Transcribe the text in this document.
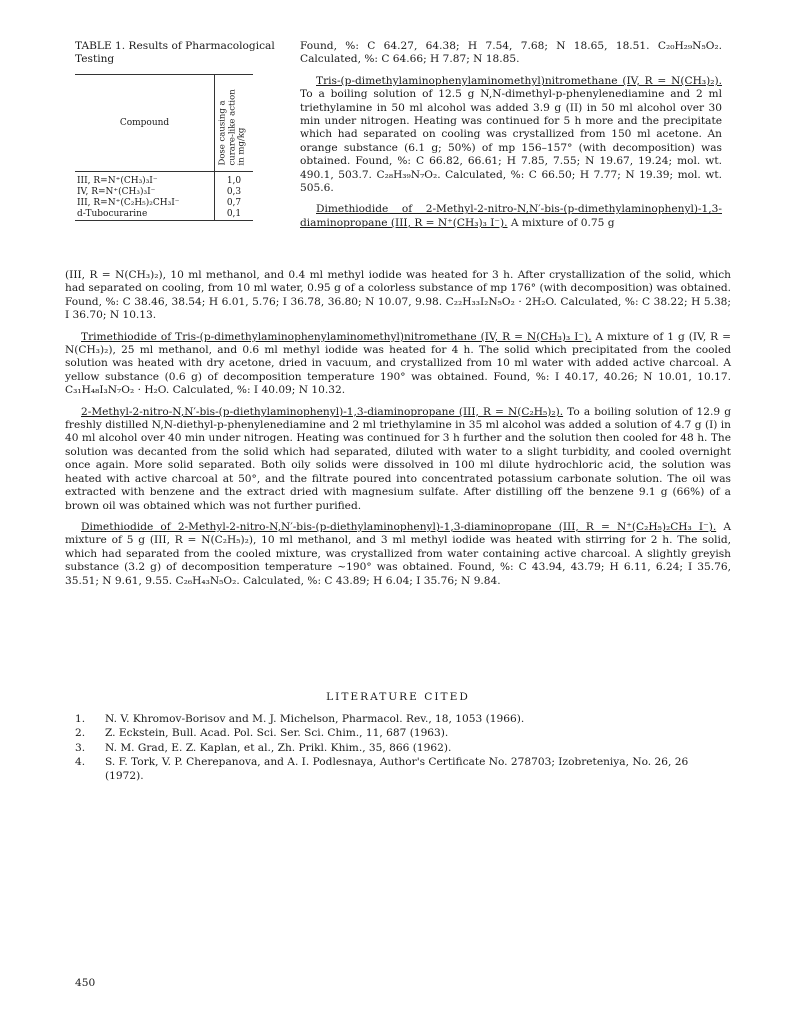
TABLE 1. Results of Pharmacological Testing
Compound	Dose causing a curare-like action in mg/kg

III, R=N⁺(CH₃)₃I⁻	1,0
IV, R=N⁺(CH₃)₃I⁻	0,3
III, R=N⁺(C₂H₅)₂CH₃I⁻	0,7
d-Tubocurarine	0,1

Found, %: C 64.27, 64.38; H 7.54, 7.68; N 18.65, 18.51. C₂₀H₂₉N₅O₂. Calculated, %: C 64.66; H 7.87; N 18.85.

Tris-(p-dimethylaminophenylaminomethyl)nitromethane (IV, R = N(CH₃)₂). To a boiling solution of 12.5 g N,N-dimethyl-p-phenylenediamine and 2 ml triethylamine in 50 ml alcohol was added 3.9 g (II) in 50 ml alcohol over 30 min under nitrogen. Heating was continued for 5 h more and the precipitate which had separated on cooling was crystallized from 150 ml acetone. An orange substance (6.1 g; 50%) of mp 156–157° (with decomposition) was obtained. Found, %: C 66.82, 66.61; H 7.85, 7.55; N 19.67, 19.24; mol. wt. 490.1, 503.7. C₂₈H₃₉N₇O₂. Calculated, %: C 66.50; H 7.77; N 19.39; mol. wt. 505.6.

Dimethiodide of 2-Methyl-2-nitro-N,N′-bis-(p-dimethylaminophenyl)-1,3-diaminopropane (III, R = N⁺(CH₃)₃ I⁻). A mixture of 0.75 g

(III, R = N(CH₃)₂), 10 ml methanol, and 0.4 ml methyl iodide was heated for 3 h. After crystallization of the solid, which had separated on cooling, from 10 ml water, 0.95 g of a colorless substance of mp 176° (with decomposition) was obtained. Found, %: C 38.46, 38.54; H 6.01, 5.76; I 36.78, 36.80; N 10.07, 9.98. C₂₂H₃₃I₂N₅O₂ · 2H₂O. Calculated, %: C 38.22; H 5.38; I 36.70; N 10.13.

Trimethiodide of Tris-(p-dimethylaminophenylaminomethyl)nitromethane (IV, R = N(CH₃)₃ I⁻). A mixture of 1 g (IV, R = N(CH₃)₂), 25 ml methanol, and 0.6 ml methyl iodide was heated for 4 h. The solid which precipitated from the cooled solution was heated with dry acetone, dried in vacuum, and crystallized from 10 ml water with added active charcoal. A yellow substance (0.6 g) of decomposition temperature 190° was obtained. Found, %: I 40.17, 40.26; N 10.01, 10.17. C₃₁H₄₈I₃N₇O₂ · H₂O. Calculated, %: I 40.09; N 10.32.

2-Methyl-2-nitro-N,N′-bis-(p-diethylaminophenyl)-1,3-diaminopropane (III, R = N(C₂H₅)₂). To a boiling solution of 12.9 g freshly distilled N,N-diethyl-p-phenylenediamine and 2 ml triethylamine in 35 ml alcohol was added a solution of 4.7 g (I) in 40 ml alcohol over 40 min under nitrogen. Heating was continued for 3 h further and the solution then cooled for 48 h. The solution was decanted from the solid which had separated, diluted with water to a slight turbidity, and cooled overnight once again. More solid separated. Both oily solids were dissolved in 100 ml dilute hydrochloric acid, the solution was heated with active charcoal at 50°, and the filtrate poured into concentrated potassium carbonate solution. The oil was extracted with benzene and the extract dried with magnesium sulfate. After distilling off the benzene 9.1 g (66%) of a brown oil was obtained which was not further purified.

Dimethiodide of 2-Methyl-2-nitro-N,N′-bis-(p-diethylaminophenyl)-1,3-diaminopropane (III, R = N⁺(C₂H₅)₂CH₃ I⁻). A mixture of 5 g (III, R = N(C₂H₅)₂), 10 ml methanol, and 3 ml methyl iodide was heated with stirring for 2 h. The solid, which had separated from the cooled mixture, was crystallized from water containing active charcoal. A slightly greyish substance (3.2 g) of decomposition temperature ~190° was obtained. Found, %: C 43.94, 43.79; H 6.11, 6.24; I 35.76, 35.51; N 9.61, 9.55. C₂₆H₄₃N₅O₂. Calculated, %: C 43.89; H 6.04; I 35.76; N 9.84.

LITERATURE CITED
1. N. V. Khromov-Borisov and M. J. Michelson, Pharmacol. Rev., 18, 1053 (1966).
2. Z. Eckstein, Bull. Acad. Pol. Sci. Ser. Sci. Chim., 11, 687 (1963).
3. N. M. Grad, E. Z. Kaplan, et al., Zh. Prikl. Khim., 35, 866 (1962).
4. S. F. Tork, V. P. Cherepanova, and A. I. Podlesnaya, Author's Certificate No. 278703; Izobreteniya, No. 26, 26 (1972).
450
